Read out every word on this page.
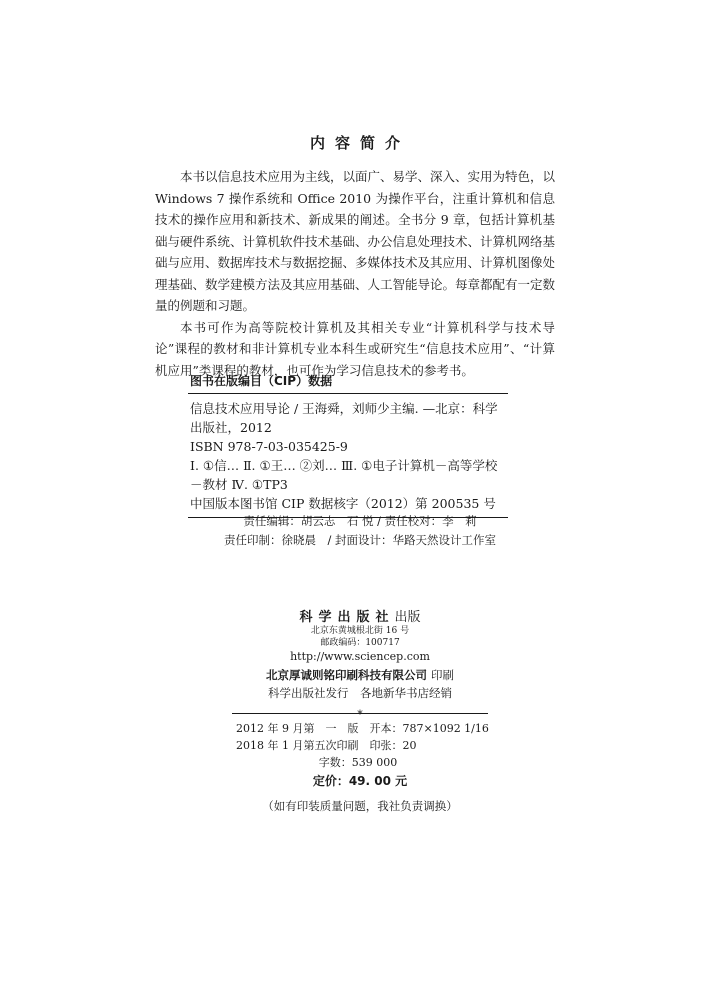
内容简介

本书以信息技术应用为主线，以面广、易学、深入、实用为特色，以 Windows 7 操作系统和 Office 2010 为操作平台，注重计算机和信息技术的操作应用和新技术、新成果的阐述。全书分 9 章，包括计算机基础与硬件系统、计算机软件技术基础、办公信息处理技术、计算机网络基础与应用、数据库技术与数据挖掘、多媒体技术及其应用、计算机图像处理基础、数学建模方法及其应用基础、人工智能导论。每章都配有一定数量的例题和习题。

本书可作为高等院校计算机及其相关专业“计算机科学与技术导论”课程的教材和非计算机专业本科生或研究生“信息技术应用”、“计算机应用”类课程的教材，也可作为学习信息技术的参考书。

图书在版编目（CIP）数据

信息技术应用导论 / 王海舜，刘师少主编. —北京：科学出版社，2012

ISBN 978-7-03-035425-9

Ⅰ. ①信… Ⅱ. ①王… ②刘… Ⅲ. ①电子计算机－高等学校－教材 Ⅳ. ①TP3

中国版本图书馆 CIP 数据核字（2012）第 200535 号

责任编辑：胡云志　石 悦 / 责任校对：李　莉
责任印制：徐晓晨　/ 封面设计：华路天然设计工作室
科学出版社出版
北京东黄城根北街 16 号
邮政编码：100717
http://www.sciencep.com
北京厚诚则铭印刷科技有限公司 印刷
科学出版社发行　各地新华书店经销
*
2012 年 9 月第　一　版　开本：787×1092 1/16
2018 年 1 月第五次印刷　印张：20
字数：539 000
定价：49. 00 元
（如有印装质量问题，我社负责调换）
